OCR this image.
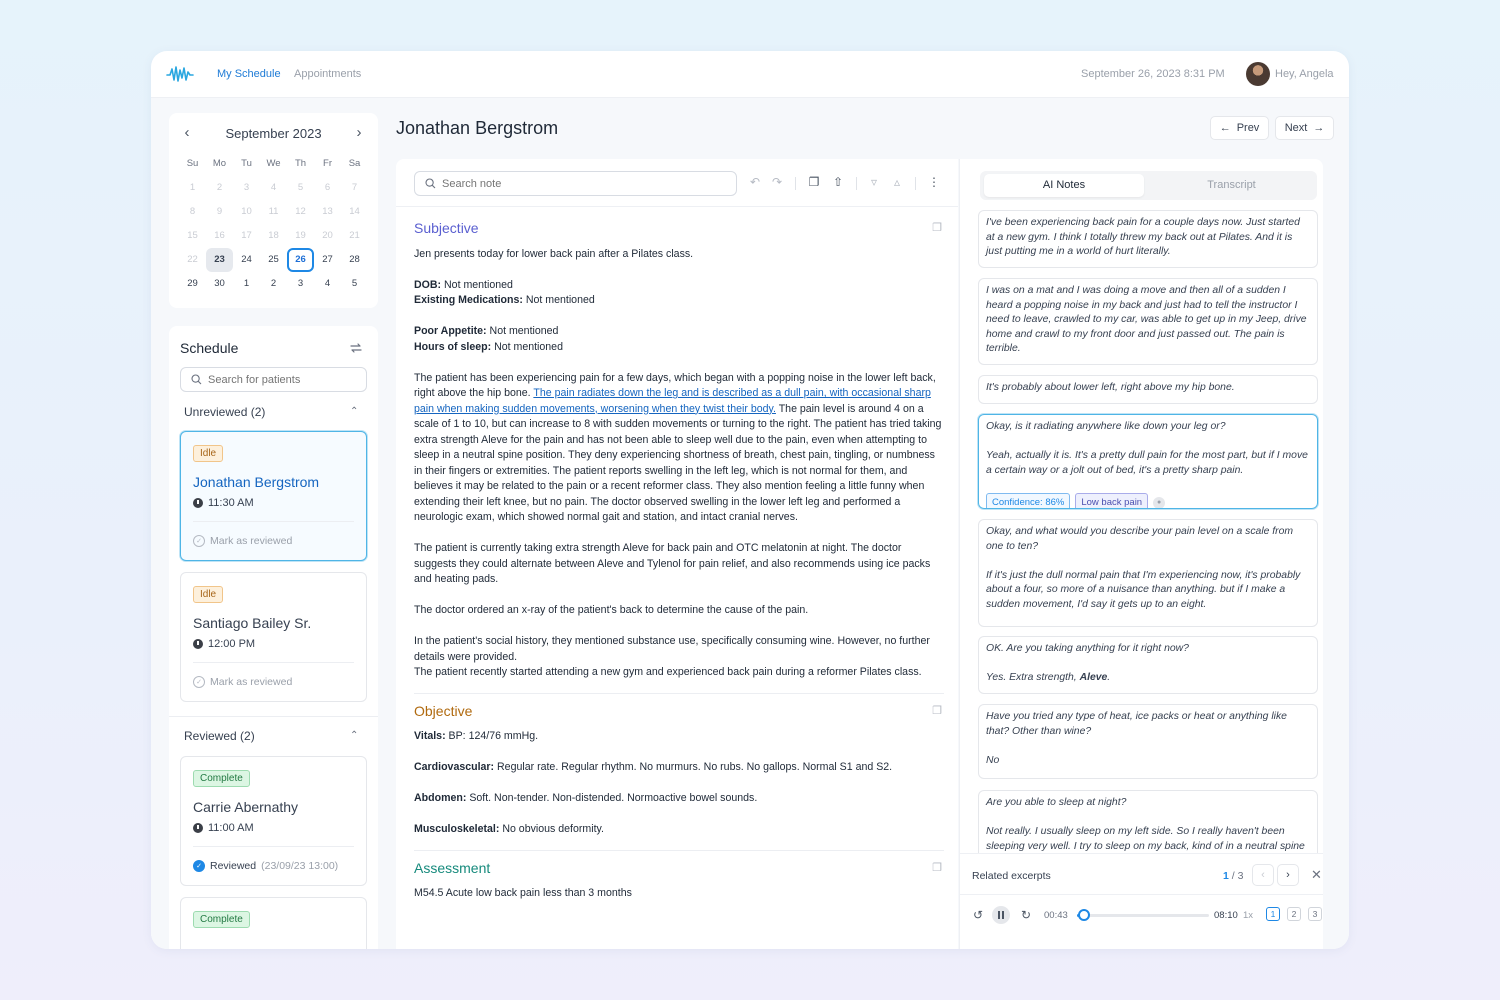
My Schedule Appointments	September 26, 2023 8:31 PM	Hey, Angela
‹	September 2023	›
Su	Mo	Tu	We	Th	Fr	Sa
1	2	3	4	5	6	7
8	9	10	11	12	13	14
15	16	17	18	19	20	21
22	23	24	25	26	27	28
29	30	1	2	3	4	5
Schedule
Search for patients
Unreviewed (2)	⌃
Idle
Jonathan Bergstrom
11:30 AM
✓ Mark as reviewed
Idle
Santiago Bailey Sr.
12:00 PM
✓ Mark as reviewed
Reviewed (2)	⌃
Complete
Carrie Abernathy
11:00 AM
✓ Reviewed (23/09/23 13:00)
Complete
Jonathan Bergstrom	← Prev Next →
Search note
↶ ↷ ❐ ⇧	▿	▵	⋮
Subjective	❐
Jen presents today for lower back pain after a Pilates class.
DOB: Not mentioned
Existing Medications: Not mentioned
Poor Appetite: Not mentioned
Hours of sleep: Not mentioned
The patient has been experiencing pain for a few days, which began with a popping noise in the lower left back, right above the hip bone. The pain radiates down the leg and is described as a dull pain, with occasional sharp pain when making sudden movements, worsening when they twist their body. The pain level is around 4 on a scale of 1 to 10, but can increase to 8 with sudden movements or turning to the right. The patient has tried taking extra strength Aleve for the pain and has not been able to sleep well due to the pain, even when attempting to sleep in a neutral spine position. They deny experiencing shortness of breath, chest pain, tingling, or numbness in their fingers or extremities. The patient reports swelling in the left leg, which is not normal for them, and believes it may be related to the pain or a recent reformer class. They also mention feeling a little funny when extending their left knee, but no pain. The doctor observed swelling in the lower left leg and performed a neurologic exam, which showed normal gait and station, and intact cranial nerves.
The patient is currently taking extra strength Aleve for back pain and OTC melatonin at night. The doctor suggests they could alternate between Aleve and Tylenol for pain relief, and also recommends using ice packs and heating pads.
The doctor ordered an x-ray of the patient's back to determine the cause of the pain.
In the patient's social history, they mentioned substance use, specifically consuming wine. However, no further details were provided.
The patient recently started attending a new gym and experienced back pain during a reformer Pilates class.
Objective	❐
Vitals: BP: 124/76 mmHg.
Cardiovascular: Regular rate. Regular rhythm. No murmurs. No rubs. No gallops. Normal S1 and S2.
Abdomen: Soft. Non-tender. Non-distended. Normoactive bowel sounds.
Musculoskeletal: No obvious deformity.
Assessment	❐
M54.5 Acute low back pain less than 3 months
AI Notes	Transcript

I've been experiencing back pain for a couple days now. Just started at a new gym. I think I totally threw my back out at Pilates. And it is just putting me in a world of hurt literally.

I was on a mat and I was doing a move and then all of a sudden I heard a popping noise in my back and just had to tell the instructor I need to leave, crawled to my car, was able to get up in my Jeep, drive home and crawl to my front door and just passed out. The pain is terrible.

It's probably about lower left, right above my hip bone.

Okay, is it radiating anywhere like down your leg or?

Yeah, actually it is. It's a pretty dull pain for the most part, but if I move a certain way or a jolt out of bed, it's a pretty sharp pain.

Confidence: 86%	Low back pain	●

Okay, and what would you describe your pain level on a scale from one to ten?

If it's just the dull normal pain that I'm experiencing now, it's probably about a four, so more of a nuisance than anything. but if I make a sudden movement, I'd say it gets up to an eight.

OK. Are you taking anything for it right now?

Yes. Extra strength, Aleve.

Have you tried any type of heat, ice packs or heat or anything like that? Other than wine?

No

Are you able to sleep at night?

Not really. I usually sleep on my left side. So I really haven't been sleeping very well. I try to sleep on my back, kind of in a neutral spine

Related excerpts	1 / 3	‹	›	✕
↺	↻	00:43	08:10 1x	1	2	3
